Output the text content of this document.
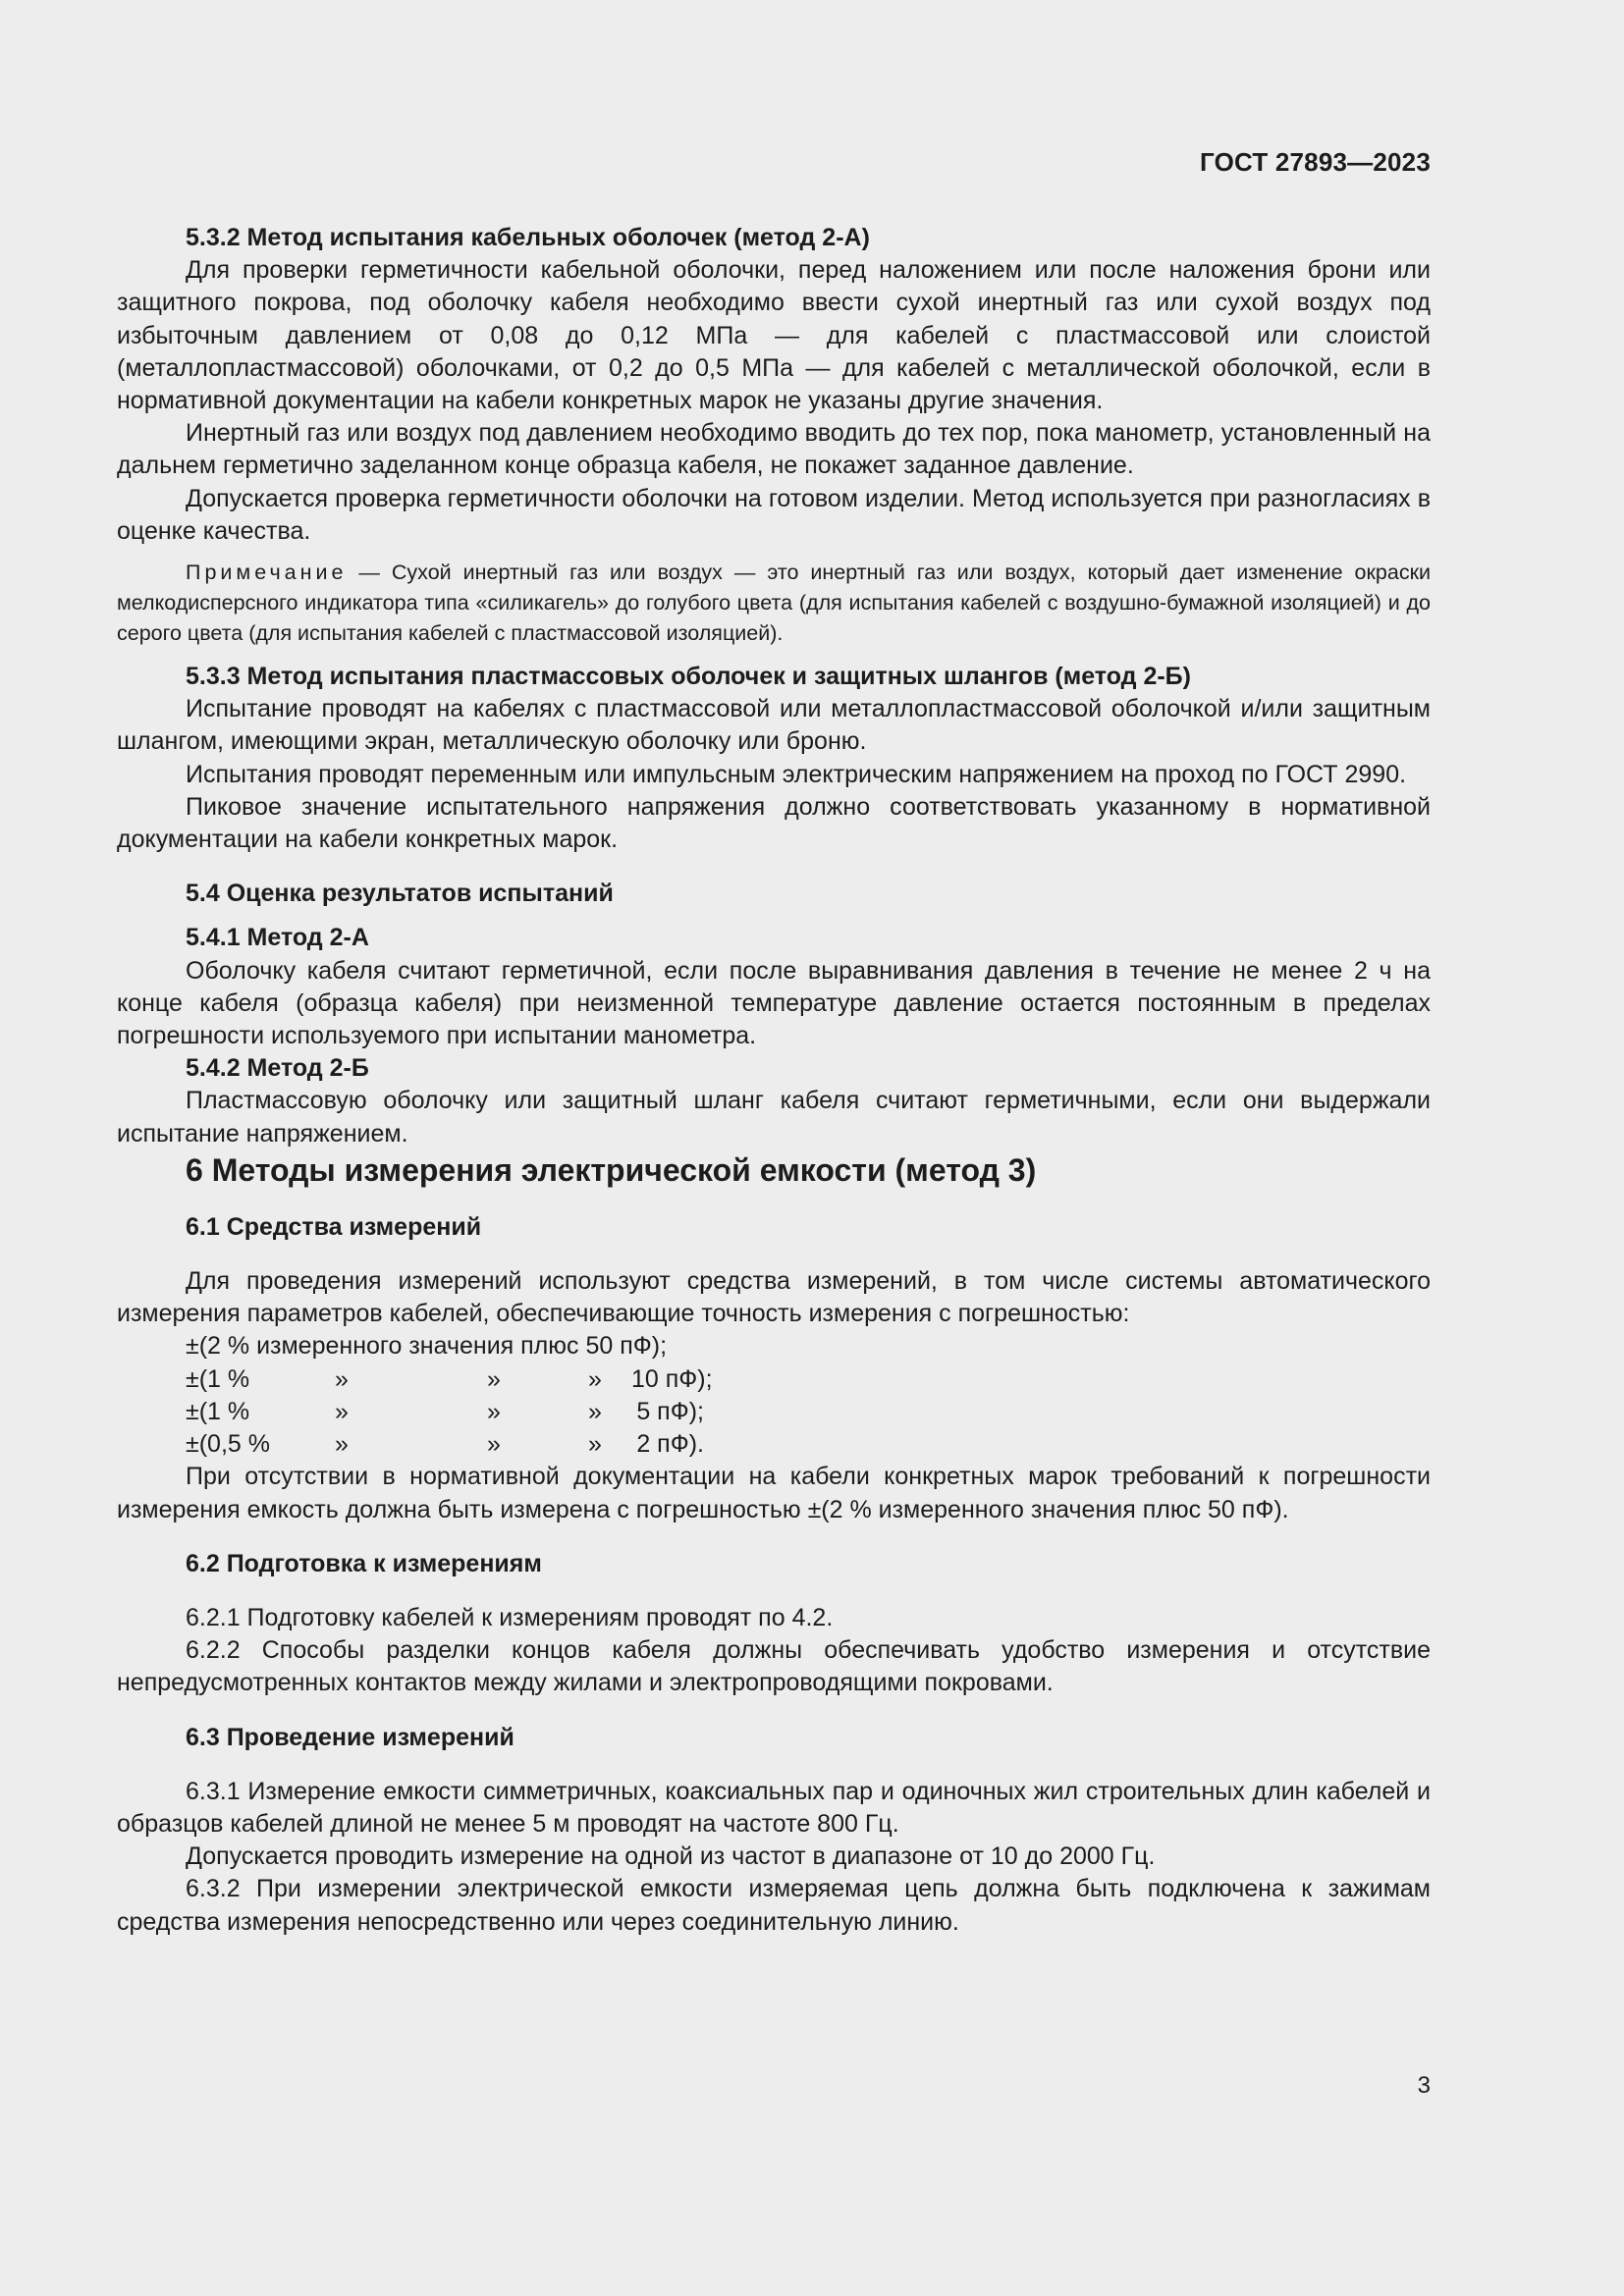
ГОСТ 27893—2023

5.3.2 Метод испытания кабельных оболочек (метод 2-А)

Для проверки герметичности кабельной оболочки, перед наложением или после наложения брони или защитного покрова, под оболочку кабеля необходимо ввести сухой инертный газ или сухой воздух под избыточным давлением от 0,08 до 0,12 МПа — для кабелей с пластмассовой или слоистой (металлопластмассовой) оболочками, от 0,2 до 0,5 МПа — для кабелей с металлической оболочкой, если в нормативной документации на кабели конкретных марок не указаны другие значения.

Инертный газ или воздух под давлением необходимо вводить до тех пор, пока манометр, установленный на дальнем герметично заделанном конце образца кабеля, не покажет заданное давление.

Допускается проверка герметичности оболочки на готовом изделии. Метод используется при разногласиях в оценке качества.

Примечание — Сухой инертный газ или воздух — это инертный газ или воздух, который дает изменение окраски мелкодисперсного индикатора типа «силикагель» до голубого цвета (для испытания кабелей с воздушно-бумажной изоляцией) и до серого цвета (для испытания кабелей с пластмассовой изоляцией).

5.3.3 Метод испытания пластмассовых оболочек и защитных шлангов (метод 2-Б)

Испытание проводят на кабелях с пластмассовой или металлопластмассовой оболочкой и/или защитным шлангом, имеющими экран, металлическую оболочку или броню.

Испытания проводят переменным или импульсным электрическим напряжением на проход по ГОСТ 2990.

Пиковое значение испытательного напряжения должно соответствовать указанному в нормативной документации на кабели конкретных марок.

5.4 Оценка результатов испытаний

5.4.1 Метод 2-А

Оболочку кабеля считают герметичной, если после выравнивания давления в течение не менее 2 ч на конце кабеля (образца кабеля) при неизменной температуре давление остается постоянным в пределах погрешности используемого при испытании манометра.

5.4.2 Метод 2-Б

Пластмассовую оболочку или защитный шланг кабеля считают герметичными, если они выдержали испытание напряжением.

6 Методы измерения электрической емкости (метод 3)

6.1 Средства измерений

Для проведения измерений используют средства измерений, в том числе системы автоматического измерения параметров кабелей, обеспечивающие точность измерения с погрешностью:

±(2 % измеренного значения плюс 50 пФ);

±(1 %	»	»	»	10 пФ);
±(1 %	»	»	»	5 пФ);
±(0,5 %	»	»	»	2 пФ).

При отсутствии в нормативной документации на кабели конкретных марок требований к погрешности измерения емкость должна быть измерена с погрешностью ±(2 % измеренного значения плюс 50 пФ).

6.2 Подготовка к измерениям

6.2.1 Подготовку кабелей к измерениям проводят по 4.2.

6.2.2 Способы разделки концов кабеля должны обеспечивать удобство измерения и отсутствие непредусмотренных контактов между жилами и электропроводящими покровами.

6.3 Проведение измерений

6.3.1 Измерение емкости симметричных, коаксиальных пар и одиночных жил строительных длин кабелей и образцов кабелей длиной не менее 5 м проводят на частоте 800 Гц.

Допускается проводить измерение на одной из частот в диапазоне от 10 до 2000 Гц.

6.3.2 При измерении электрической емкости измеряемая цепь должна быть подключена к зажимам средства измерения непосредственно или через соединительную линию.

3
